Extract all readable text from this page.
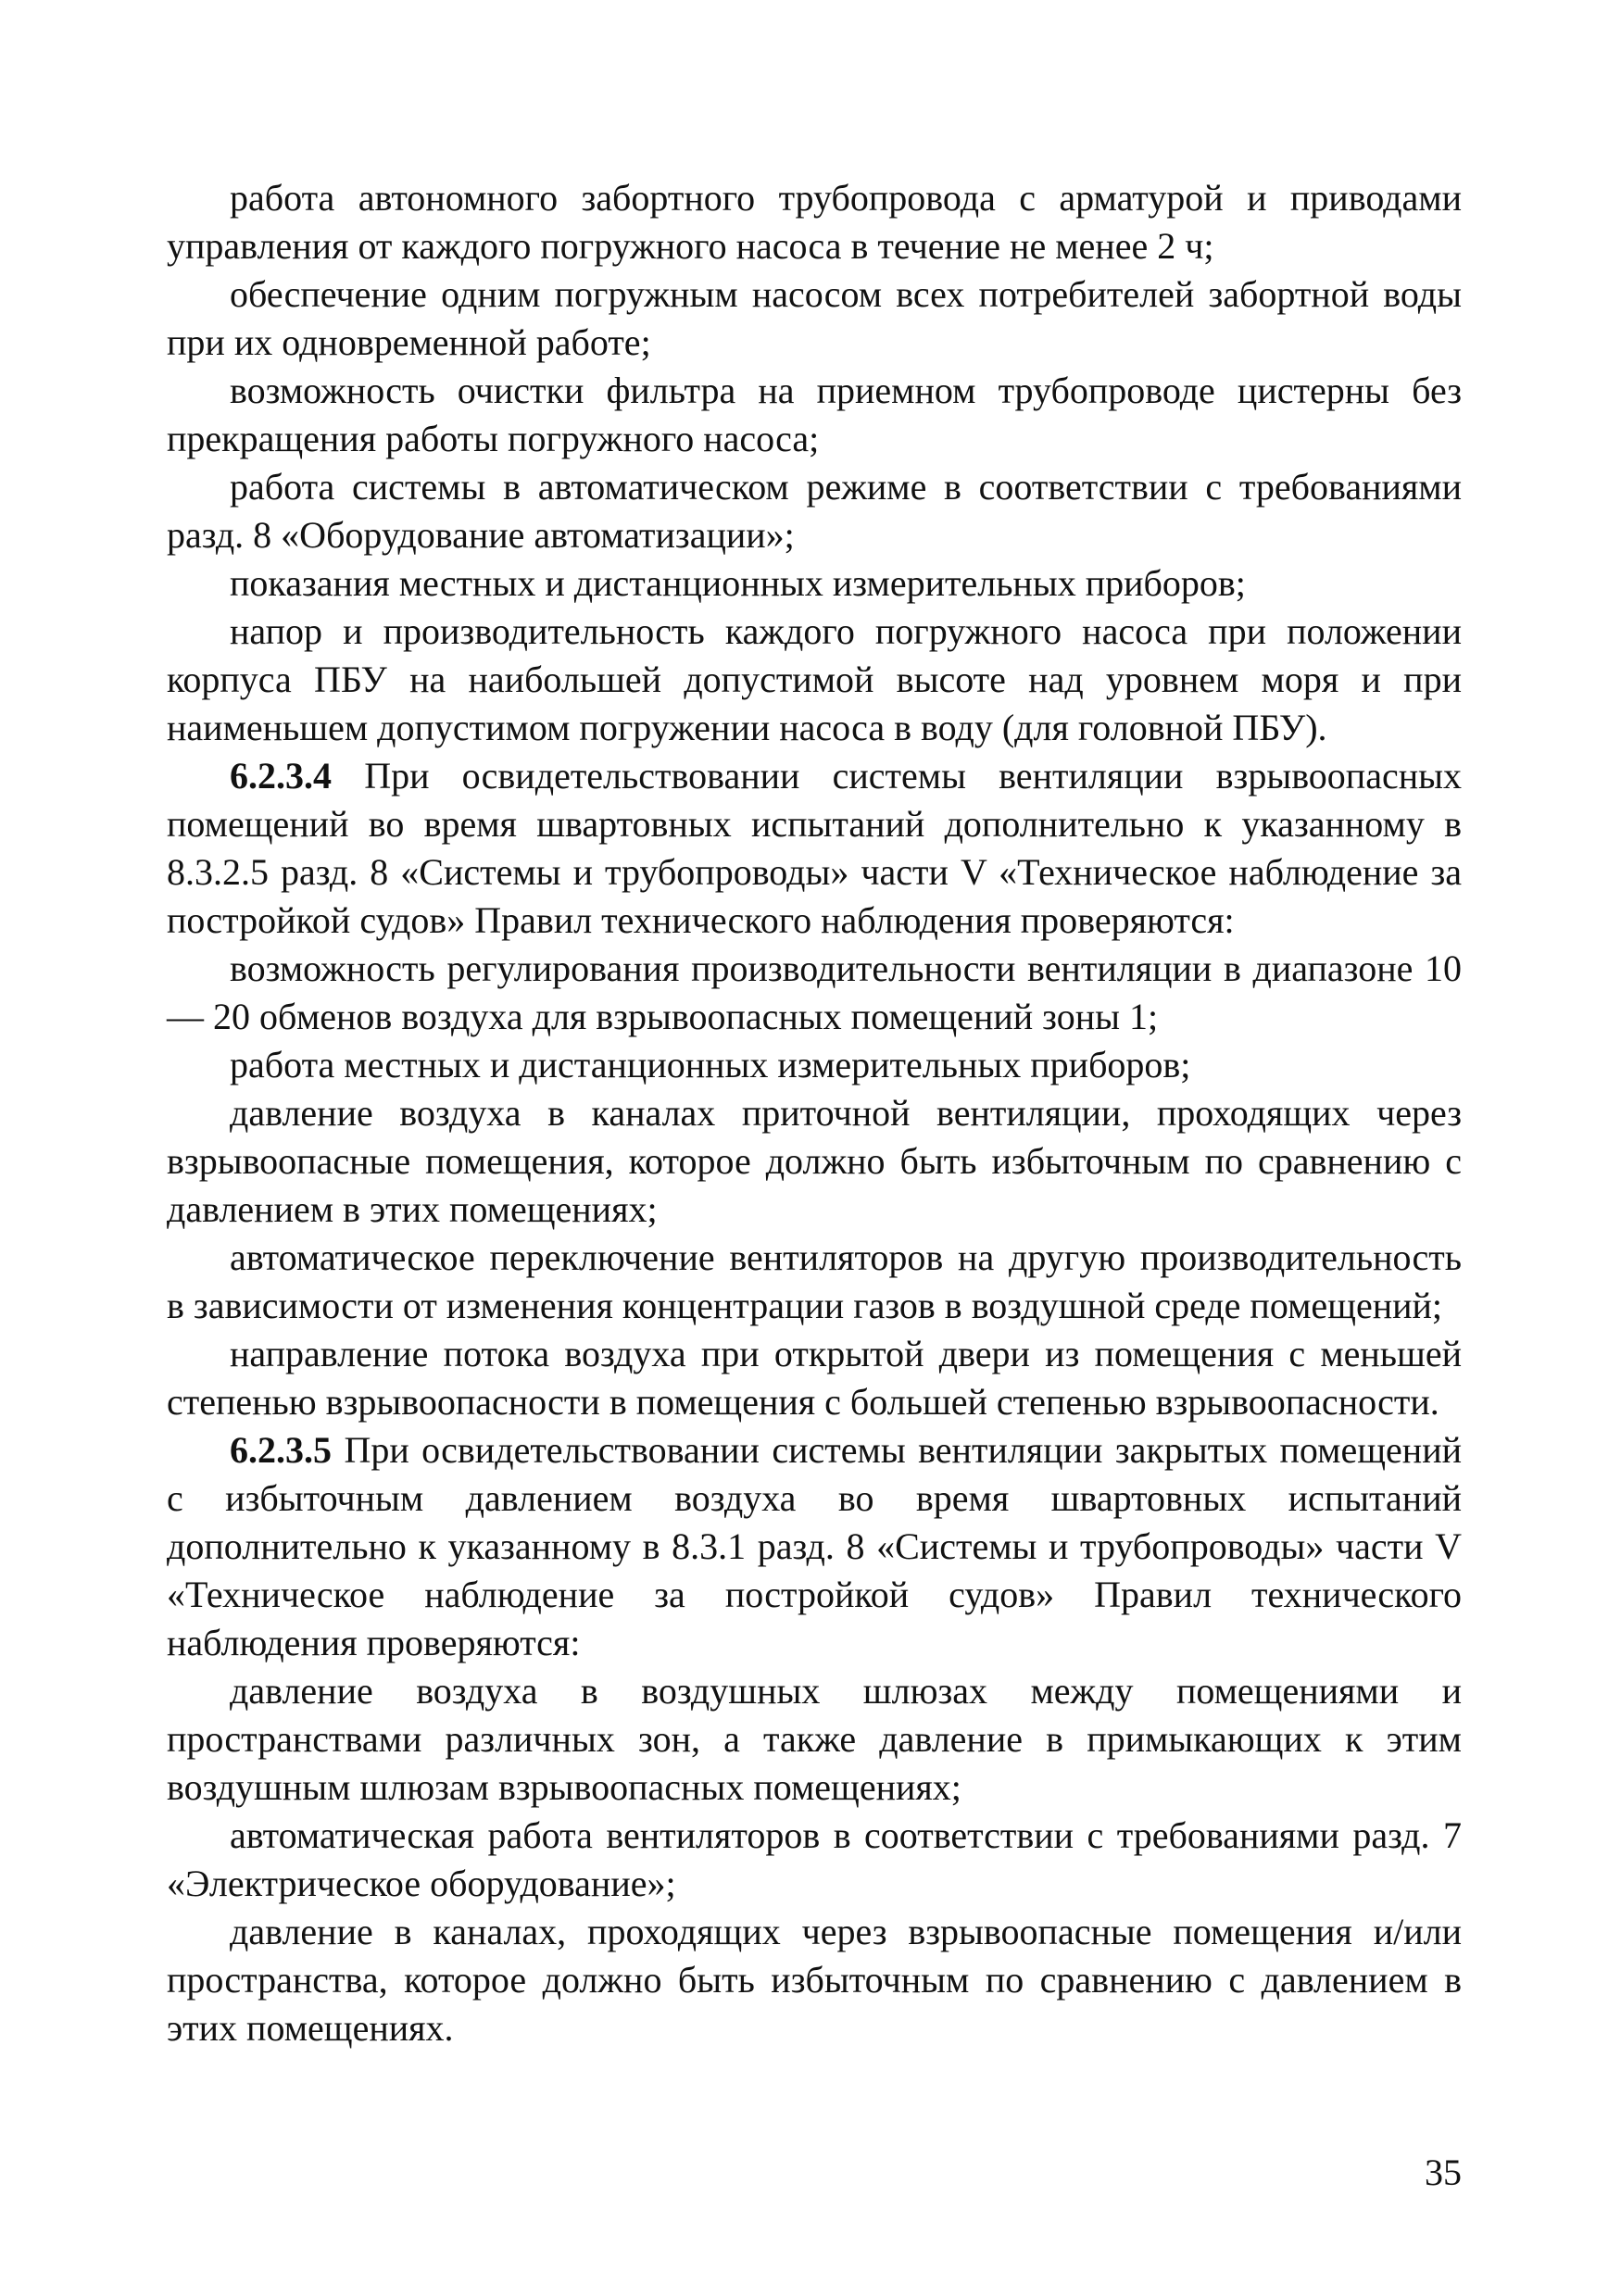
работа автономного забортного трубопровода с арматурой и приводами управления от каждого погружного насоса в течение не менее 2 ч;

обеспечение одним погружным насосом всех потребителей забортной воды при их одновременной работе;

возможность очистки фильтра на приемном трубопроводе цистерны без прекращения работы погружного насоса;

работа системы в автоматическом режиме в соответствии с требованиями разд. 8 «Оборудование автоматизации»;

показания местных и дистанционных измерительных приборов;

напор и производительность каждого погружного насоса при положении корпуса ПБУ на наибольшей допустимой высоте над уровнем моря и при наименьшем допустимом погружении насоса в воду (для головной ПБУ).

6.2.3.4 При освидетельствовании системы вентиляции взрывоопасных помещений во время швартовных испытаний дополнительно к указанному в 8.3.2.5 разд. 8 «Системы и трубопроводы» части V «Техническое наблюдение за постройкой судов» Правил технического наблюдения проверяются:

возможность регулирования производительности вентиляции в диапазоне 10 — 20 обменов воздуха для взрывоопасных помещений зоны 1;

работа местных и дистанционных измерительных приборов;

давление воздуха в каналах приточной вентиляции, проходящих через взрывоопасные помещения, которое должно быть избыточным по сравнению с давлением в этих помещениях;

автоматическое переключение вентиляторов на другую производительность в зависимости от изменения концентрации газов в воздушной среде помещений;

направление потока воздуха при открытой двери из помещения с меньшей степенью взрывоопасности в помещения с большей степенью взрывоопасности.

6.2.3.5 При освидетельствовании системы вентиляции закрытых помещений с избыточным давлением воздуха во время швартовных испытаний дополнительно к указанному в 8.3.1 разд. 8 «Системы и трубопроводы» части V «Техническое наблюдение за постройкой судов» Правил технического наблюдения проверяются:

давление воздуха в воздушных шлюзах между помещениями и пространствами различных зон, а также давление в примыкающих к этим воздушным шлюзам взрывоопасных помещениях;

автоматическая работа вентиляторов в соответствии с требованиями разд. 7 «Электрическое оборудование»;

давление в каналах, проходящих через взрывоопасные помещения и/или пространства, которое должно быть избыточным по сравнению с давлением в этих помещениях.

35
